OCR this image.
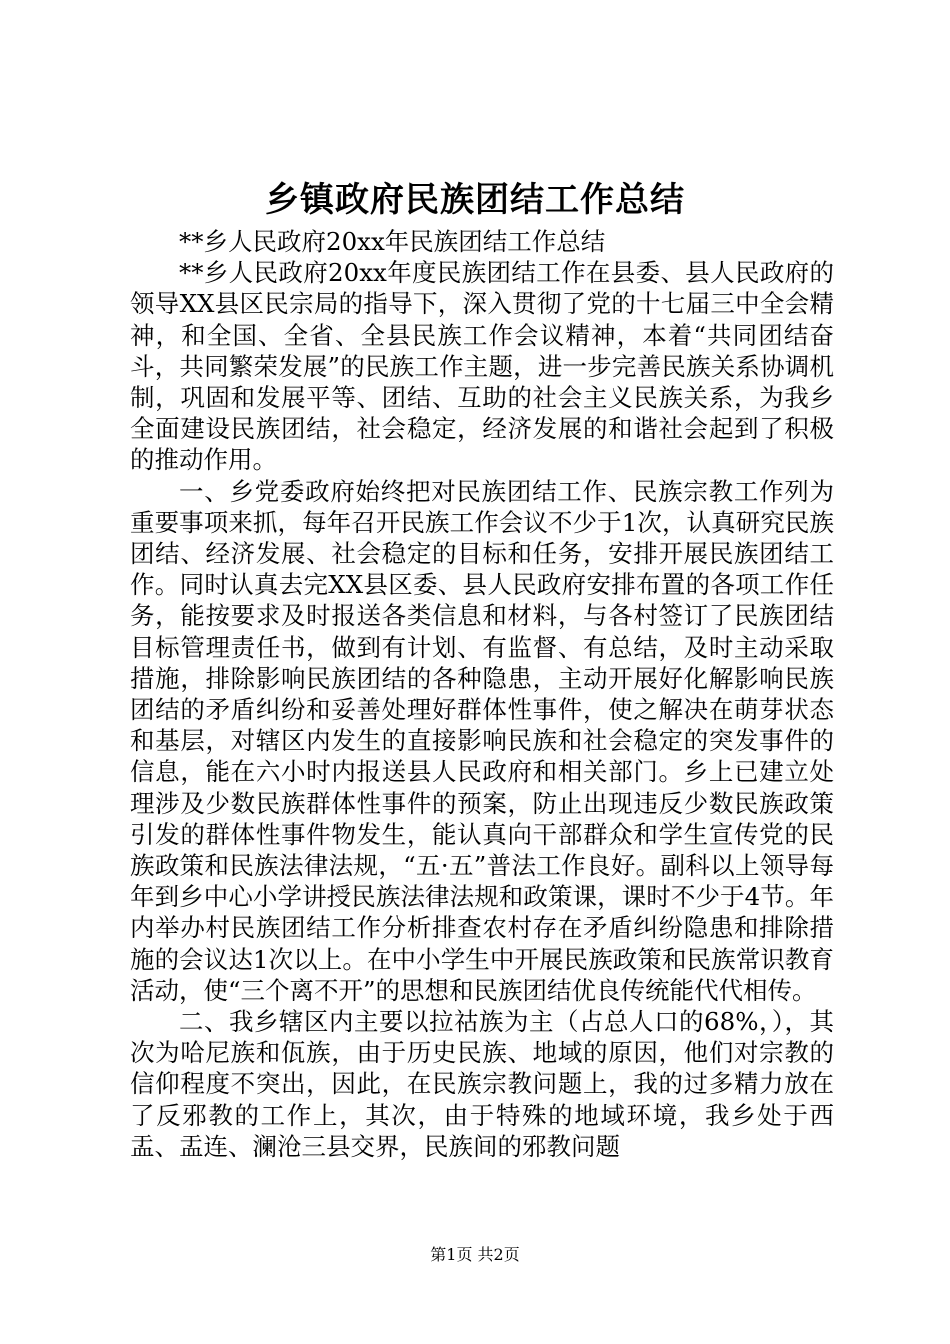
乡镇政府民族团结工作总结

**乡人民政府20xx年民族团结工作总结

**乡人民政府20xx年度民族团结工作在县委、县人民政府的领导XX县区民宗局的指导下，深入贯彻了党的十七届三中全会精神，和全国、全省、全县民族工作会议精神，本着“共同团结奋斗，共同繁荣发展”的民族工作主题，进一步完善民族关系协调机制，巩固和发展平等、团结、互助的社会主义民族关系，为我乡全面建设民族团结，社会稳定，经济发展的和谐社会起到了积极的推动作用。

一、乡党委政府始终把对民族团结工作、民族宗教工作列为重要事项来抓，每年召开民族工作会议不少于1次，认真研究民族团结、经济发展、社会稳定的目标和任务，安排开展民族团结工作。同时认真去完XX县区委、县人民政府安排布置的各项工作任务，能按要求及时报送各类信息和材料，与各村签订了民族团结目标管理责任书，做到有计划、有监督、有总结，及时主动采取措施，排除影响民族团结的各种隐患，主动开展好化解影响民族团结的矛盾纠纷和妥善处理好群体性事件，使之解决在萌芽状态和基层，对辖区内发生的直接影响民族和社会稳定的突发事件的信息，能在六小时内报送县人民政府和相关部门。乡上已建立处理涉及少数民族群体性事件的预案，防止出现违反少数民族政策引发的群体性事件物发生，能认真向干部群众和学生宣传党的民族政策和民族法律法规，“五·五”普法工作良好。副科以上领导每年到乡中心小学讲授民族法律法规和政策课，课时不少于4节。年内举办村民族团结工作分析排查农村存在矛盾纠纷隐患和排除措施的会议达1次以上。在中小学生中开展民族政策和民族常识教育活动，使“三个离不开”的思想和民族团结优良传统能代代相传。

二、我乡辖区内主要以拉祜族为主（占总人口的68%，），其次为哈尼族和佤族，由于历史民族、地域的原因，他们对宗教的信仰程度不突出，因此，在民族宗教问题上，我的过多精力放在了反邪教的工作上，其次，由于特殊的地域环境，我乡处于西盂、盂连、澜沧三县交界，民族间的邪教问题

第1页 共2页
